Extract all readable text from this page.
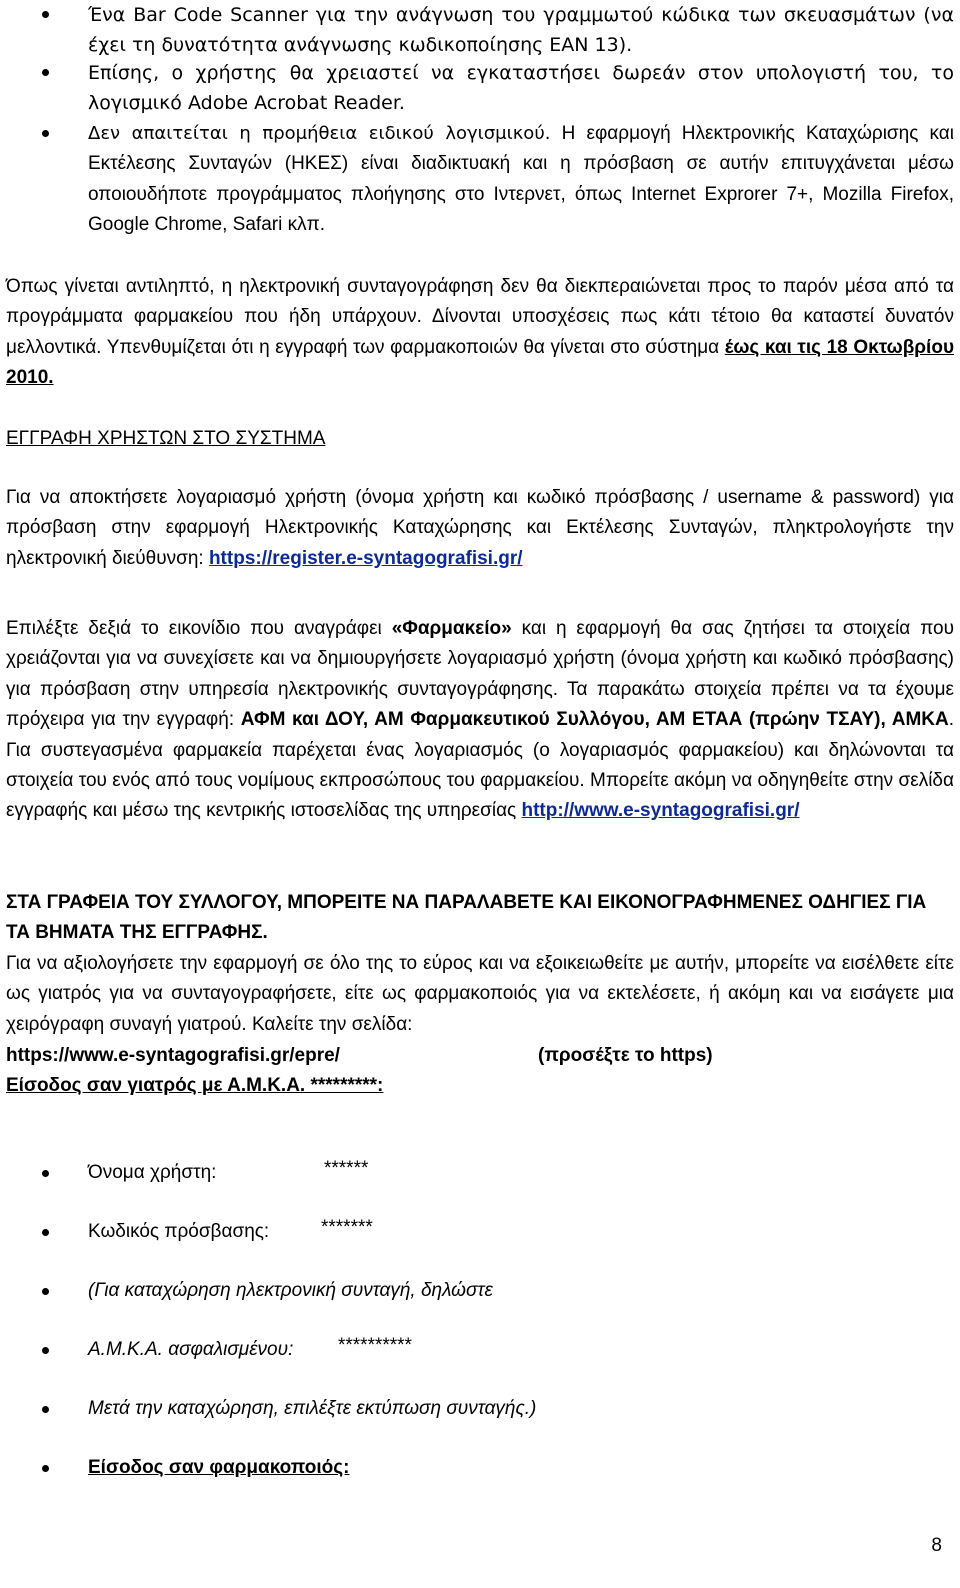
Ένα Bar Code Scanner για την ανάγνωση του γραμμωτού κώδικα των σκευασμάτων (να έχει τη δυνατότητα ανάγνωσης κωδικοποίησης EAN 13).
Επίσης, ο χρήστης θα χρειαστεί να εγκαταστήσει δωρεάν στον υπολογιστή του, το λογισμικό Adobe Acrobat Reader.
Δεν απαιτείται η προμήθεια ειδικού λογισμικού. Η εφαρμογή Ηλεκτρονικής Καταχώρισης και Εκτέλεσης Συνταγών (ΗΚΕΣ) είναι διαδικτυακή και η πρόσβαση σε αυτήν επιτυγχάνεται μέσω οποιουδήποτε προγράμματος πλοήγησης στο Ιντερνετ, όπως Internet Exprorer 7+, Mozilla Firefox, Google Chrome, Safari κλπ.

Όπως γίνεται αντιληπτό, η ηλεκτρονική συνταγογράφηση δεν θα διεκπεραιώνεται προς το παρόν μέσα από τα προγράμματα φαρμακείου που ήδη υπάρχουν. Δίνονται υποσχέσεις πως κάτι τέτοιο θα καταστεί δυνατόν μελλοντικά. Υπενθυμίζεται ότι η εγγραφή των φαρμακοποιών θα γίνεται στο σύστημα έως και τις 18 Οκτωβρίου 2010.

ΕΓΓΡΑΦΗ ΧΡΗΣΤΩΝ ΣΤΟ ΣΥΣΤΗΜΑ

Για να αποκτήσετε λογαριασμό χρήστη (όνομα χρήστη και κωδικό πρόσβασης / username & password) για πρόσβαση στην εφαρμογή Ηλεκτρονικής Καταχώρησης και Εκτέλεσης Συνταγών, πληκτρολογήστε την ηλεκτρονική διεύθυνση: https://register.e-syntagografisi.gr/

Επιλέξτε δεξιά το εικονίδιο που αναγράφει «Φαρμακείο» και η εφαρμογή θα σας ζητήσει τα στοιχεία που χρειάζονται για να συνεχίσετε και να δημιουργήσετε λογαριασμό χρήστη (όνομα χρήστη και κωδικό πρόσβασης) για πρόσβαση στην υπηρεσία ηλεκτρονικής συνταγογράφησης. Τα παρακάτω στοιχεία πρέπει να τα έχουμε πρόχειρα για την εγγραφή: ΑΦΜ και ΔΟΥ, ΑΜ Φαρμακευτικού Συλλόγου, ΑΜ ΕΤΑΑ (πρώην ΤΣΑΥ), ΑΜΚΑ. Για συστεγασμένα φαρμακεία παρέχεται ένας λογαριασμός (ο λογαριασμός φαρμακείου) και δηλώνονται τα στοιχεία του ενός από τους νομίμους εκπροσώπους του φαρμακείου. Μπορείτε ακόμη να οδηγηθείτε στην σελίδα εγγραφής και μέσω της κεντρικής ιστοσελίδας της υπηρεσίας http://www.e-syntagografisi.gr/

ΣΤΑ ΓΡΑΦΕΙΑ ΤΟΥ ΣΥΛΛΟΓΟΥ, ΜΠΟΡΕΙΤΕ ΝΑ ΠΑΡΑΛΑΒΕΤΕ ΚΑΙ ΕΙΚΟΝΟΓΡΑΦΗΜΕΝΕΣ ΟΔΗΓΙΕΣ ΓΙΑ ΤΑ ΒΗΜΑΤΑ ΤΗΣ ΕΓΓΡΑΦΗΣ.

Για να αξιολογήσετε την εφαρμογή σε όλο της το εύρος και να εξοικειωθείτε με αυτήν, μπορείτε να εισέλθετε είτε ως γιατρός για να συνταγογραφήσετε, είτε ως φαρμακοποιός για να εκτελέσετε, ή ακόμη και να εισάγετε μια χειρόγραφη συναγή γιατρού. Καλείτε την σελίδα:

https://www.e-syntagografisi.gr/epre/	(προσέξτε το https)

Είσοδος σαν γιατρός με Α.Μ.Κ.Α. *********:

Όνομα χρήστη:	******
Κωδικός πρόσβασης:	*******
(Για καταχώρηση ηλεκτρονική συνταγή, δηλώστε
Α.Μ.Κ.Α. ασφαλισμένου: **********
Μετά την καταχώρηση, επιλέξτε εκτύπωση συνταγής.)
Είσοδος σαν φαρμακοποιός:
8
